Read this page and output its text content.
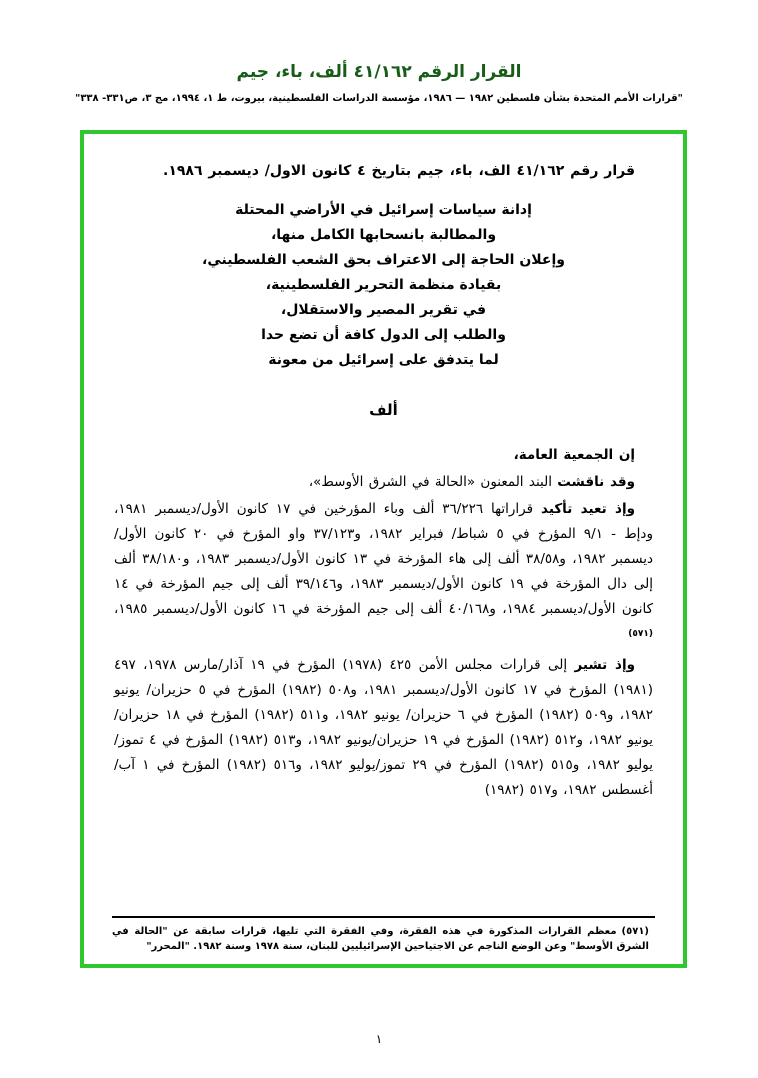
القرار الرقم ٤١/١٦٢ ألف، باء، جيم
"قرارات الأمم المتحدة بشأن فلسطين ١٩٨٢ — ١٩٨٦، مؤسسة الدراسات الفلسطينية، بيروت، ط ١، ١٩٩٤، مج ٣، ص٣٣١- ٣٣٨"

قرار رقم ٤١/١٦٢ الف، باء، جيم بتاريخ ٤ كانون الاول/ ديسمبر ١٩٨٦.

إدانة سياسات إسرائيل في الأراضي المحتلة
والمطالبة بانسحابها الكامل منها،
وإعلان الحاجة إلى الاعتراف بحق الشعب الفلسطيني،
بقيادة منظمة التحرير الفلسطينية،
في تقرير المصير والاستقلال،
والطلب إلى الدول كافة أن تضع حدا
لما يتدفق على إسرائيل من معونة
ألف

إن الجمعية العامة،

وقد ناقشت البند المعنون «الحالة في الشرق الأوسط»،

وإذ تعيد تأكيد قراراتها ٣٦/٢٢٦ ألف وباء المؤرخين في ١٧ كانون الأول/ديسمبر ١٩٨١، ودإط - ٩/١ المؤرخ في ٥ شباط/ فبراير ١٩٨٢، و٣٧/١٢٣ واو المؤرخ في ٢٠ كانون الأول/ ديسمبر ١٩٨٢، و٣٨/٥٨ ألف إلى هاء المؤرخة في ١٣ كانون الأول/ديسمبر ١٩٨٣، و٣٨/١٨٠ ألف إلى دال المؤرخة في ١٩ كانون الأول/ديسمبر ١٩٨٣، و٣٩/١٤٦ ألف إلى جيم المؤرخة في ١٤ كانون الأول/ديسمبر ١٩٨٤، و٤٠/١٦٨ ألف إلى جيم المؤرخة في ١٦ كانون الأول/ديسمبر ١٩٨٥،$^{(٥٧١)}$

وإذ تشير إلى قرارات مجلس الأمن ٤٢٥ (١٩٧٨) المؤرخ في ١٩ آذار/مارس ١٩٧٨، ٤٩٧ (١٩٨١) المؤرخ في ١٧ كانون الأول/ديسمبر ١٩٨١، و٥٠٨ (١٩٨٢) المؤرخ في ٥ حزيران/ يونيو ١٩٨٢، و٥٠٩ (١٩٨٢) المؤرخ في ٦ حزيران/ يونيو ١٩٨٢، و٥١١ (١٩٨٢) المؤرخ في ١٨ حزيران/يونيو ١٩٨٢، و٥١٢ (١٩٨٢) المؤرخ في ١٩ حزيران/يونيو ١٩٨٢، و٥١٣ (١٩٨٢) المؤرخ في ٤ تموز/يوليو ١٩٨٢، و٥١٥ (١٩٨٢) المؤرخ في ٢٩ تموز/يوليو ١٩٨٢، و٥١٦ (١٩٨٢) المؤرخ في ١ آب/أغسطس ١٩٨٢، و٥١٧ (١٩٨٢)

(٥٧١)معظم القرارات المذكورة في هذه الفقرة، وفي الفقرة التي تليها، قرارات سابقة عن "الحالة في الشرق الأوسط" وعن الوضع الناجم عن الاجتياحين الإسرائيليين للبنان، سنة ١٩٧٨ وسنة ١٩٨٢. "المحرر"
١
